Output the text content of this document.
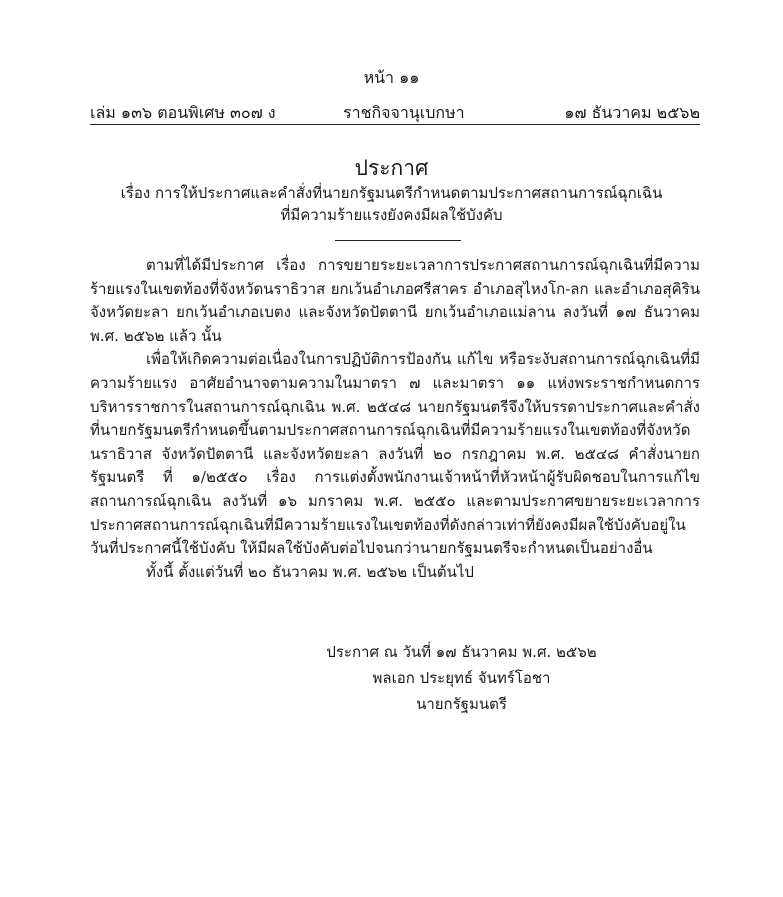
หน้า ๑๑
เล่ม ๑๓๖ ตอนพิเศษ ๓๐๗ ง	ราชกิจจานุเบกษา	๑๗ ธันวาคม ๒๕๖๒
ประกาศ
เรื่อง การให้ประกาศและคำสั่งที่นายกรัฐมนตรีกำหนดตามประกาศสถานการณ์ฉุกเฉิน
ที่มีความร้ายแรงยังคงมีผลใช้บังคับ

ตามที่ได้มีประกาศ เรื่อง การขยายระยะเวลาการประกาศสถานการณ์ฉุกเฉินที่มีความร้ายแรงในเขตท้องที่จังหวัดนราธิวาส ยกเว้นอำเภอศรีสาคร อำเภอสุไหงโก-ลก และอำเภอสุคิริน จังหวัดยะลา ยกเว้นอำเภอเบตง และจังหวัดปัตตานี ยกเว้นอำเภอแม่ลาน ลงวันที่ ๑๗ ธันวาคม พ.ศ. ๒๕๖๒ แล้ว นั้น

เพื่อให้เกิดความต่อเนื่องในการปฏิบัติการป้องกัน แก้ไข หรือระงับสถานการณ์ฉุกเฉินที่มีความร้ายแรง อาศัยอำนาจตามความในมาตรา ๗ และมาตรา ๑๑ แห่งพระราชกำหนดการบริหารราชการในสถานการณ์ฉุกเฉิน พ.ศ. ๒๕๔๘ นายกรัฐมนตรีจึงให้บรรดาประกาศและคำสั่งที่นายกรัฐมนตรีกำหนดขึ้นตามประกาศสถานการณ์ฉุกเฉินที่มีความร้ายแรงในเขตท้องที่จังหวัดนราธิวาส จังหวัดปัตตานี และจังหวัดยะลา ลงวันที่ ๒๐ กรกฎาคม พ.ศ. ๒๕๔๘ คำสั่งนายกรัฐมนตรี ที่ ๑/๒๕๕๐ เรื่อง การแต่งตั้งพนักงานเจ้าหน้าที่หัวหน้าผู้รับผิดชอบในการแก้ไขสถานการณ์ฉุกเฉิน ลงวันที่ ๑๖ มกราคม พ.ศ. ๒๕๕๐ และตามประกาศขยายระยะเวลาการประกาศสถานการณ์ฉุกเฉินที่มีความร้ายแรงในเขตท้องที่ดังกล่าวเท่าที่ยังคงมีผลใช้บังคับอยู่ในวันที่ประกาศนี้ใช้บังคับ ให้มีผลใช้บังคับต่อไปจนกว่านายกรัฐมนตรีจะกำหนดเป็นอย่างอื่น

ทั้งนี้ ตั้งแต่วันที่ ๒๐ ธันวาคม พ.ศ. ๒๕๖๒ เป็นต้นไป

ประกาศ ณ วันที่ ๑๗ ธันวาคม พ.ศ. ๒๕๖๒
พลเอก ประยุทธ์ จันทร์โอชา
นายกรัฐมนตรี
